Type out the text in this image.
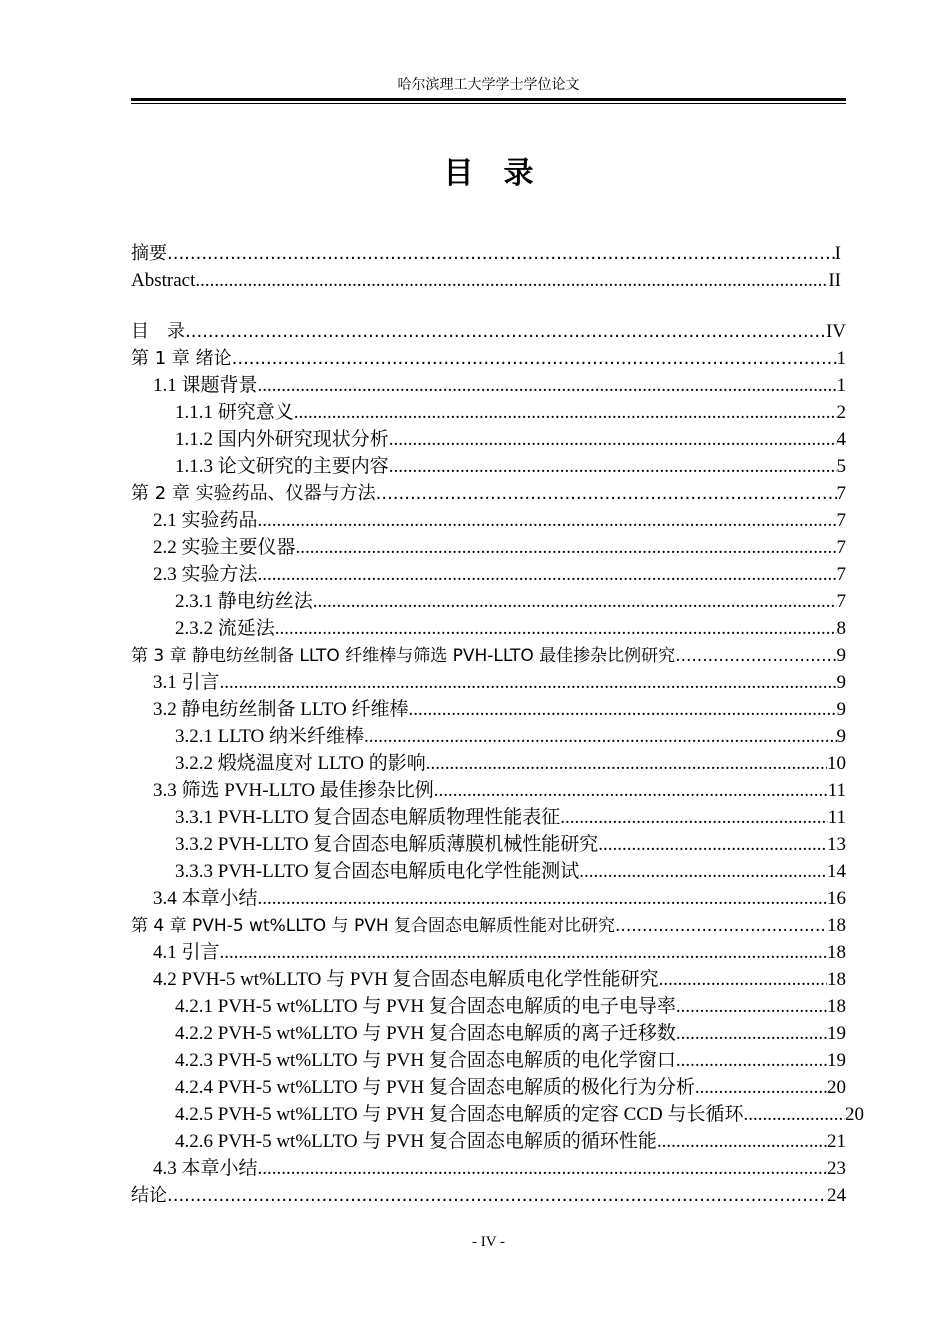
哈尔滨理工大学学士学位论文
目录
摘要 .....	I
Abstract .....	II
目　录 .....	IV
第 1 章 绪论 .....	1
1.1 课题背景 .....	1
1.1.1 研究意义 .....	2
1.1.2 国内外研究现状分析 .....	4
1.1.3 论文研究的主要内容 .....	5
第 2 章 实验药品、仪器与方法 .....	7
2.1 实验药品 .....	7
2.2 实验主要仪器 .....	7
2.3 实验方法 .....	7
2.3.1 静电纺丝法 .....	7
2.3.2 流延法 .....	8
第 3 章 静电纺丝制备 LLTO 纤维棒与筛选 PVH-LLTO 最佳掺杂比例研究 .....	9
3.1 引言 .....	9
3.2 静电纺丝制备 LLTO 纤维棒 .....	9
3.2.1 LLTO 纳米纤维棒 .....	9
3.2.2 煅烧温度对 LLTO 的影响 .....	10
3.3 筛选 PVH-LLTO 最佳掺杂比例 .....	11
3.3.1 PVH-LLTO 复合固态电解质物理性能表征 .....	11
3.3.2 PVH-LLTO 复合固态电解质薄膜机械性能研究 .....	13
3.3.3 PVH-LLTO 复合固态电解质电化学性能测试 .....	14
3.4 本章小结 .....	16
第 4 章 PVH-5 wt%LLTO 与 PVH 复合固态电解质性能对比研究 .....	18
4.1 引言 .....	18
4.2 PVH-5 wt%LLTO 与 PVH 复合固态电解质电化学性能研究 .....	18
4.2.1 PVH-5 wt%LLTO 与 PVH 复合固态电解质的电子电导率 .....	18
4.2.2 PVH-5 wt%LLTO 与 PVH 复合固态电解质的离子迁移数 .....	19
4.2.3 PVH-5 wt%LLTO 与 PVH 复合固态电解质的电化学窗口 .....	19
4.2.4 PVH-5 wt%LLTO 与 PVH 复合固态电解质的极化行为分析 .....	20
4.2.5 PVH-5 wt%LLTO 与 PVH 复合固态电解质的定容 CCD 与长循环 .....	20
4.2.6 PVH-5 wt%LLTO 与 PVH 复合固态电解质的循环性能 .....	21
4.3 本章小结 .....	23
结论 .....	24
- IV -
